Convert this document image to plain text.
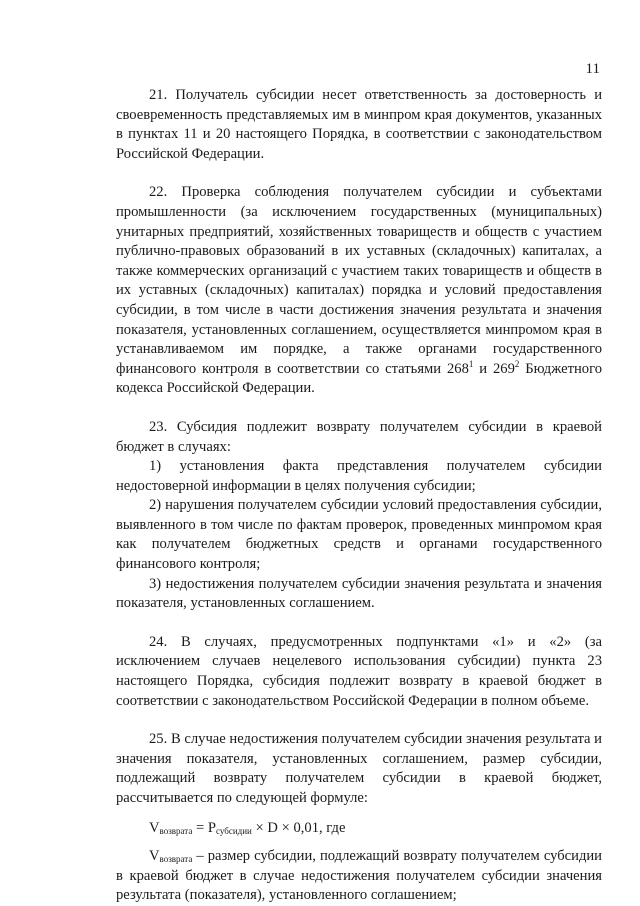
11

21. Получатель субсидии несет ответственность за достоверность и своевременность представляемых им в минпром края документов, указанных в пунктах 11 и 20 настоящего Порядка, в соответствии с законодательством Российской Федерации.

22. Проверка соблюдения получателем субсидии и субъектами промышленности (за исключением государственных (муниципальных) унитарных предприятий, хозяйственных товариществ и обществ с участием публично-правовых образований в их уставных (складочных) капиталах, а также коммерческих организаций с участием таких товариществ и обществ в их уставных (складочных) капиталах) порядка и условий предоставления субсидии, в том числе в части достижения значения результата и значения показателя, установленных соглашением, осуществляется минпромом края в устанавливаемом им порядке, а также органами государственного финансового контроля в соответствии со статьями $268^1$ и $269^2$ Бюджетного кодекса Российской Федерации.

23. Субсидия подлежит возврату получателем субсидии в краевой бюджет в случаях:

1) установления факта представления получателем субсидии недостоверной информации в целях получения субсидии;

2) нарушения получателем субсидии условий предоставления субсидии, выявленного в том числе по фактам проверок, проведенных минпромом края как получателем бюджетных средств и органами государственного финансового контроля;

3) недостижения получателем субсидии значения результата и значения показателя, установленных соглашением.

24. В случаях, предусмотренных подпунктами «1» и «2» (за исключением случаев нецелевого использования субсидии) пункта 23 настоящего Порядка, субсидия подлежит возврату в краевой бюджет в соответствии с законодательством Российской Федерации в полном объеме.

25. В случае недостижения получателем субсидии значения результата и значения показателя, установленных соглашением, размер субсидии, подлежащий возврату получателем субсидии в краевой бюджет, рассчитывается по следующей формуле:

$V_{возврата} = P_{субсидии} \times D \times 0,01$, где

$V_{возврата}$ – размер субсидии, подлежащий возврату получателем субсидии в краевой бюджет в случае недостижения получателем субсидии значения результата (показателя), установленного соглашением;
